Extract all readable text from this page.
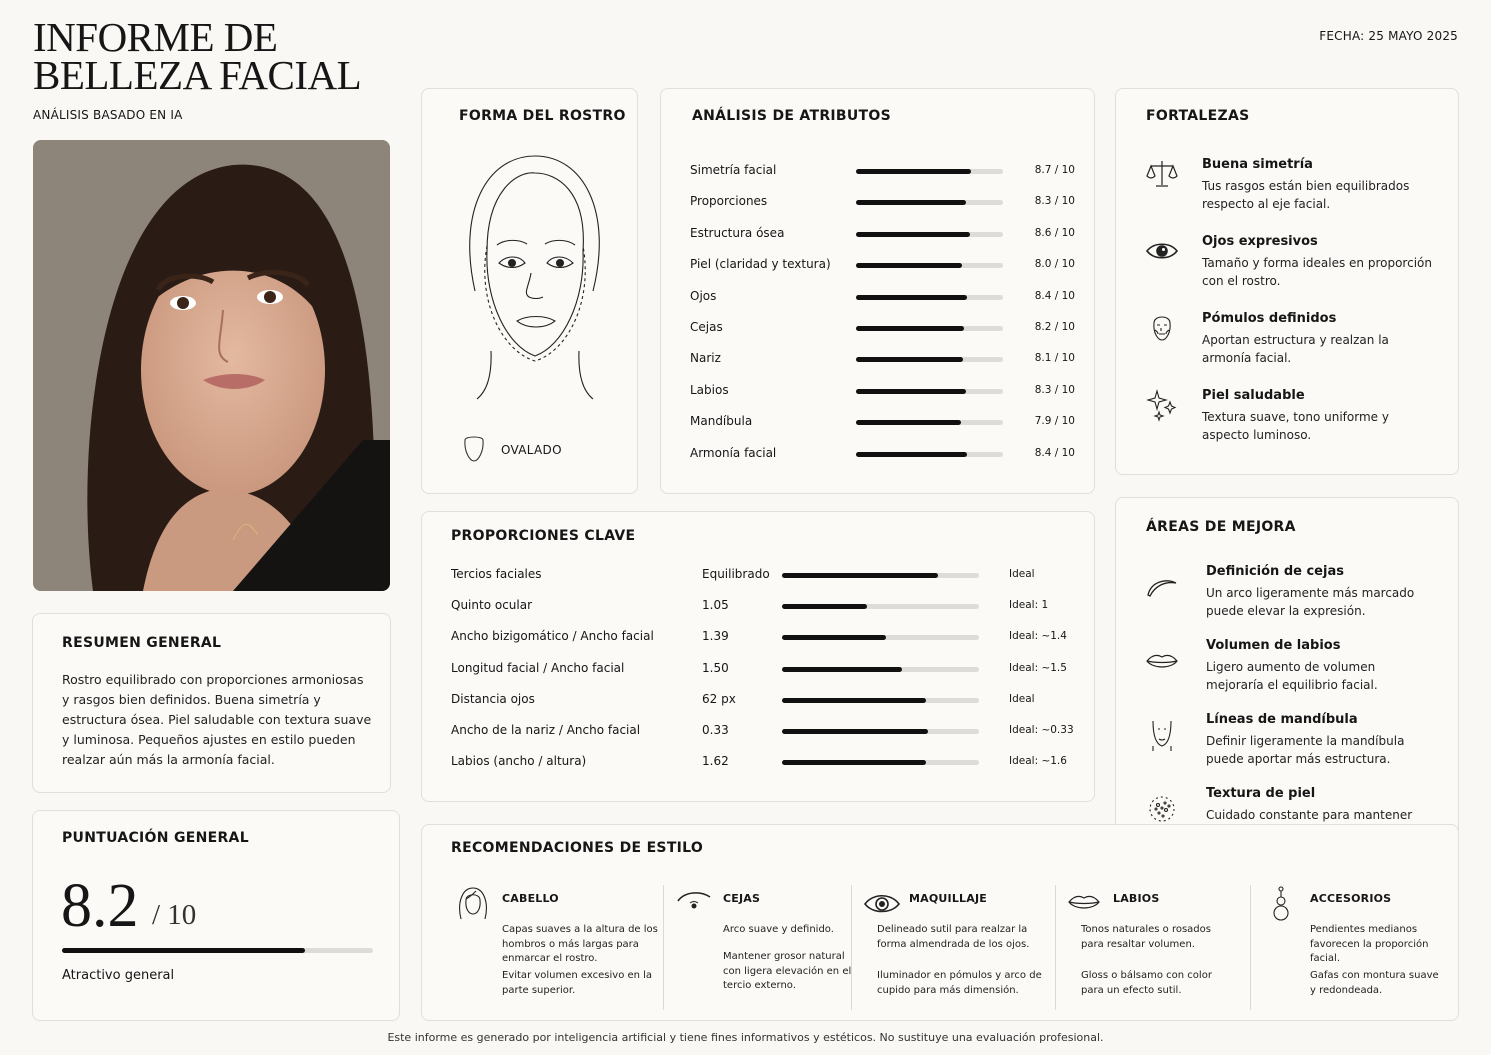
INFORME DE
BELLEZA FACIAL
ANÁLISIS BASADO EN IA
FECHA: 25 MAYO 2025
FORMA DEL ROSTRO
OVALADO
ANÁLISIS DE ATRIBUTOS
Simetría facial	8.7 / 10
Proporciones	8.3 / 10
Estructura ósea	8.6 / 10
Piel (claridad y textura)	8.0 / 10
Ojos	8.4 / 10
Cejas	8.2 / 10
Nariz	8.1 / 10
Labios	8.3 / 10
Mandíbula	7.9 / 10
Armonía facial	8.4 / 10
FORTALEZAS
Buena simetría
Tus rasgos están bien equilibrados respecto al eje facial.
Ojos expresivos
Tamaño y forma ideales en proporción con el rostro.
Pómulos definidos
Aportan estructura y realzan la armonía facial.
Piel saludable
Textura suave, tono uniforme y aspecto luminoso.
PROPORCIONES CLAVE
Tercios faciales	Equilibrado	Ideal
Quinto ocular	1.05	Ideal: 1
Ancho bizigomático / Ancho facial	1.39	Ideal: ~1.4
Longitud facial / Ancho facial	1.50	Ideal: ~1.5
Distancia ojos	62 px	Ideal
Ancho de la nariz / Ancho facial	0.33	Ideal: ~0.33
Labios (ancho / altura)	1.62	Ideal: ~1.6
ÁREAS DE MEJORA
Definición de cejas
Un arco ligeramente más marcado puede elevar la expresión.
Volumen de labios
Ligero aumento de volumen mejoraría el equilibrio facial.
Líneas de mandíbula
Definir ligeramente la mandíbula puede aportar más estructura.
Textura de piel
Cuidado constante para mantener
RESUMEN GENERAL
Rostro equilibrado con proporciones armoniosas y rasgos bien definidos. Buena simetría y estructura ósea. Piel saludable con textura suave y luminosa. Pequeños ajustes en estilo pueden realzar aún más la armonía facial.
PUNTUACIÓN GENERAL
8.2 / 10
Atractivo general
RECOMENDACIONES DE ESTILO
CABELLO

Capas suaves a la altura de los hombros o más largas para enmarcar el rostro.

Evitar volumen excesivo en la parte superior.

CEJAS

Arco suave y definido.

Mantener grosor natural con ligera elevación en el tercio externo.

MAQUILLAJE

Delineado sutil para realzar la forma almendrada de los ojos.

Iluminador en pómulos y arco de cupido para más dimensión.

LABIOS

Tonos naturales o rosados para resaltar volumen.

Gloss o bálsamo con color para un efecto sutil.

ACCESORIOS

Pendientes medianos favorecen la proporción facial.

Gafas con montura suave y redondeada.

Este informe es generado por inteligencia artificial y tiene fines informativos y estéticos. No sustituye una evaluación profesional.
